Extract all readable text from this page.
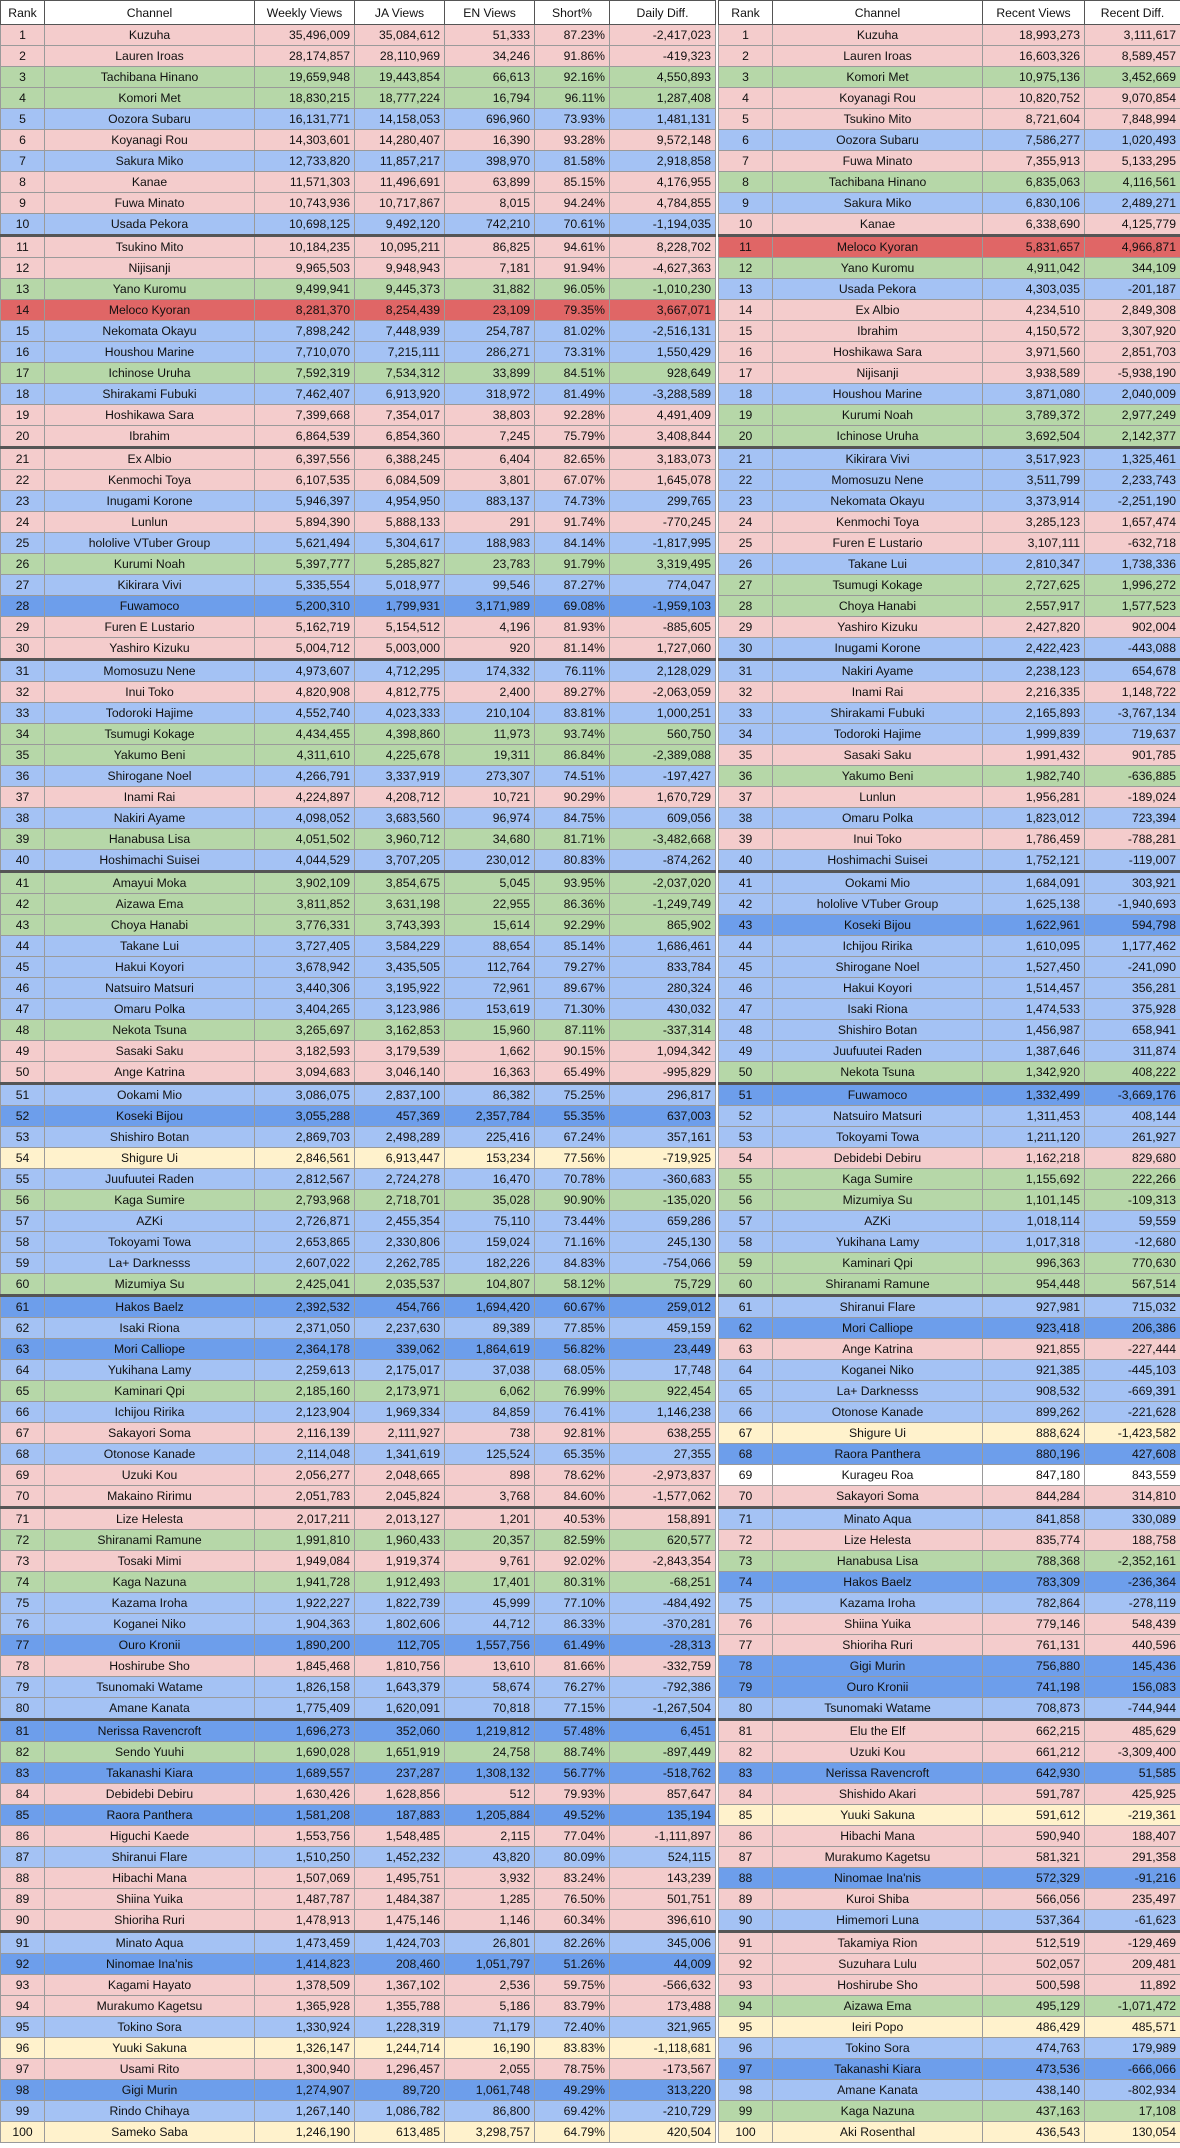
Rank	Channel	Weekly Views	JA Views	EN Views	Short%	Daily Diff.
1	Kuzuha	35,496,009	35,084,612	51,333	87.23%	-2,417,023
2	Lauren Iroas	28,174,857	28,110,969	34,246	91.86%	-419,323
3	Tachibana Hinano	19,659,948	19,443,854	66,613	92.16%	4,550,893
4	Komori Met	18,830,215	18,777,224	16,794	96.11%	1,287,408
5	Oozora Subaru	16,131,771	14,158,053	696,960	73.93%	1,481,131
6	Koyanagi Rou	14,303,601	14,280,407	16,390	93.28%	9,572,148
7	Sakura Miko	12,733,820	11,857,217	398,970	81.58%	2,918,858
8	Kanae	11,571,303	11,496,691	63,899	85.15%	4,176,955
9	Fuwa Minato	10,743,936	10,717,867	8,015	94.24%	4,784,855
10	Usada Pekora	10,698,125	9,492,120	742,210	70.61%	-1,194,035
11	Tsukino Mito	10,184,235	10,095,211	86,825	94.61%	8,228,702
12	Nijisanji	9,965,503	9,948,943	7,181	91.94%	-4,627,363
13	Yano Kuromu	9,499,941	9,445,373	31,882	96.05%	-1,010,230
14	Meloco Kyoran	8,281,370	8,254,439	23,109	79.35%	3,667,071
15	Nekomata Okayu	7,898,242	7,448,939	254,787	81.02%	-2,516,131
16	Houshou Marine	7,710,070	7,215,111	286,271	73.31%	1,550,429
17	Ichinose Uruha	7,592,319	7,534,312	33,899	84.51%	928,649
18	Shirakami Fubuki	7,462,407	6,913,920	318,972	81.49%	-3,288,589
19	Hoshikawa Sara	7,399,668	7,354,017	38,803	92.28%	4,491,409
20	Ibrahim	6,864,539	6,854,360	7,245	75.79%	3,408,844
21	Ex Albio	6,397,556	6,388,245	6,404	82.65%	3,183,073
22	Kenmochi Toya	6,107,535	6,084,509	3,801	67.07%	1,645,078
23	Inugami Korone	5,946,397	4,954,950	883,137	74.73%	299,765
24	Lunlun	5,894,390	5,888,133	291	91.74%	-770,245
25	hololive VTuber Group	5,621,494	5,304,617	188,983	84.14%	-1,817,995
26	Kurumi Noah	5,397,777	5,285,827	23,783	91.79%	3,319,495
27	Kikirara Vivi	5,335,554	5,018,977	99,546	87.27%	774,047
28	Fuwamoco	5,200,310	1,799,931	3,171,989	69.08%	-1,959,103
29	Furen E Lustario	5,162,719	5,154,512	4,196	81.93%	-885,605
30	Yashiro Kizuku	5,004,712	5,003,000	920	81.14%	1,727,060
31	Momosuzu Nene	4,973,607	4,712,295	174,332	76.11%	2,128,029
32	Inui Toko	4,820,908	4,812,775	2,400	89.27%	-2,063,059
33	Todoroki Hajime	4,552,740	4,023,333	210,104	83.81%	1,000,251
34	Tsumugi Kokage	4,434,455	4,398,860	11,973	93.74%	560,750
35	Yakumo Beni	4,311,610	4,225,678	19,311	86.84%	-2,389,088
36	Shirogane Noel	4,266,791	3,337,919	273,307	74.51%	-197,427
37	Inami Rai	4,224,897	4,208,712	10,721	90.29%	1,670,729
38	Nakiri Ayame	4,098,052	3,683,560	96,974	84.75%	609,056
39	Hanabusa Lisa	4,051,502	3,960,712	34,680	81.71%	-3,482,668
40	Hoshimachi Suisei	4,044,529	3,707,205	230,012	80.83%	-874,262
41	Amayui Moka	3,902,109	3,854,675	5,045	93.95%	-2,037,020
42	Aizawa Ema	3,811,852	3,631,198	22,955	86.36%	-1,249,749
43	Choya Hanabi	3,776,331	3,743,393	15,614	92.29%	865,902
44	Takane Lui	3,727,405	3,584,229	88,654	85.14%	1,686,461
45	Hakui Koyori	3,678,942	3,435,505	112,764	79.27%	833,784
46	Natsuiro Matsuri	3,440,306	3,195,922	72,961	89.67%	280,324
47	Omaru Polka	3,404,265	3,123,986	153,619	71.30%	430,032
48	Nekota Tsuna	3,265,697	3,162,853	15,960	87.11%	-337,314
49	Sasaki Saku	3,182,593	3,179,539	1,662	90.15%	1,094,342
50	Ange Katrina	3,094,683	3,046,140	16,363	65.49%	-995,829
51	Ookami Mio	3,086,075	2,837,100	86,382	75.25%	296,817
52	Koseki Bijou	3,055,288	457,369	2,357,784	55.35%	637,003
53	Shishiro Botan	2,869,703	2,498,289	225,416	67.24%	357,161
54	Shigure Ui	2,846,561	6,913,447	153,234	77.56%	-719,925
55	Juufuutei Raden	2,812,567	2,724,278	16,470	70.78%	-360,683
56	Kaga Sumire	2,793,968	2,718,701	35,028	90.90%	-135,020
57	AZKi	2,726,871	2,455,354	75,110	73.44%	659,286
58	Tokoyami Towa	2,653,865	2,330,806	159,024	71.16%	245,130
59	La+ Darknesss	2,607,022	2,262,785	182,226	84.83%	-754,066
60	Mizumiya Su	2,425,041	2,035,537	104,807	58.12%	75,729
61	Hakos Baelz	2,392,532	454,766	1,694,420	60.67%	259,012
62	Isaki Riona	2,371,050	2,237,630	89,389	77.85%	459,159
63	Mori Calliope	2,364,178	339,062	1,864,619	56.82%	23,449
64	Yukihana Lamy	2,259,613	2,175,017	37,038	68.05%	17,748
65	Kaminari Qpi	2,185,160	2,173,971	6,062	76.99%	922,454
66	Ichijou Ririka	2,123,904	1,969,334	84,859	76.41%	1,146,238
67	Sakayori Soma	2,116,139	2,111,927	738	92.81%	638,255
68	Otonose Kanade	2,114,048	1,341,619	125,524	65.35%	27,355
69	Uzuki Kou	2,056,277	2,048,665	898	78.62%	-2,973,837
70	Makaino Ririmu	2,051,783	2,045,824	3,768	84.60%	-1,577,062
71	Lize Helesta	2,017,211	2,013,127	1,201	40.53%	158,891
72	Shiranami Ramune	1,991,810	1,960,433	20,357	82.59%	620,577
73	Tosaki Mimi	1,949,084	1,919,374	9,761	92.02%	-2,843,354
74	Kaga Nazuna	1,941,728	1,912,493	17,401	80.31%	-68,251
75	Kazama Iroha	1,922,227	1,822,739	45,999	77.10%	-484,492
76	Koganei Niko	1,904,363	1,802,606	44,712	86.33%	-370,281
77	Ouro Kronii	1,890,200	112,705	1,557,756	61.49%	-28,313
78	Hoshirube Sho	1,845,468	1,810,756	13,610	81.66%	-332,759
79	Tsunomaki Watame	1,826,158	1,643,379	58,674	76.27%	-792,386
80	Amane Kanata	1,775,409	1,620,091	70,818	77.15%	-1,267,504
81	Nerissa Ravencroft	1,696,273	352,060	1,219,812	57.48%	6,451
82	Sendo Yuuhi	1,690,028	1,651,919	24,758	88.74%	-897,449
83	Takanashi Kiara	1,689,557	237,287	1,308,132	56.77%	-518,762
84	Debidebi Debiru	1,630,426	1,628,856	512	79.93%	857,647
85	Raora Panthera	1,581,208	187,883	1,205,884	49.52%	135,194
86	Higuchi Kaede	1,553,756	1,548,485	2,115	77.04%	-1,111,897
87	Shiranui Flare	1,510,250	1,452,232	43,820	80.09%	524,115
88	Hibachi Mana	1,507,069	1,495,751	3,932	83.24%	143,239
89	Shiina Yuika	1,487,787	1,484,387	1,285	76.50%	501,751
90	Shioriha Ruri	1,478,913	1,475,146	1,146	60.34%	396,610
91	Minato Aqua	1,473,459	1,424,703	26,801	82.26%	345,006
92	Ninomae Ina'nis	1,414,823	208,460	1,051,797	51.26%	44,009
93	Kagami Hayato	1,378,509	1,367,102	2,536	59.75%	-566,632
94	Murakumo Kagetsu	1,365,928	1,355,788	5,186	83.79%	173,488
95	Tokino Sora	1,330,924	1,228,319	71,179	72.40%	321,965
96	Yuuki Sakuna	1,326,147	1,244,714	16,190	83.83%	-1,118,681
97	Usami Rito	1,300,940	1,296,457	2,055	78.75%	-173,567
98	Gigi Murin	1,274,907	89,720	1,061,748	49.29%	313,220
99	Rindo Chihaya	1,267,140	1,086,782	86,800	69.42%	-210,729
100	Sameko Saba	1,246,190	613,485	3,298,757	64.79%	420,504
Rank	Channel	Recent Views	Recent Diff.
1	Kuzuha	18,993,273	3,111,617
2	Lauren Iroas	16,603,326	8,589,457
3	Komori Met	10,975,136	3,452,669
4	Koyanagi Rou	10,820,752	9,070,854
5	Tsukino Mito	8,721,604	7,848,994
6	Oozora Subaru	7,586,277	1,020,493
7	Fuwa Minato	7,355,913	5,133,295
8	Tachibana Hinano	6,835,063	4,116,561
9	Sakura Miko	6,830,106	2,489,271
10	Kanae	6,338,690	4,125,779
11	Meloco Kyoran	5,831,657	4,966,871
12	Yano Kuromu	4,911,042	344,109
13	Usada Pekora	4,303,035	-201,187
14	Ex Albio	4,234,510	2,849,308
15	Ibrahim	4,150,572	3,307,920
16	Hoshikawa Sara	3,971,560	2,851,703
17	Nijisanji	3,938,589	-5,938,190
18	Houshou Marine	3,871,080	2,040,009
19	Kurumi Noah	3,789,372	2,977,249
20	Ichinose Uruha	3,692,504	2,142,377
21	Kikirara Vivi	3,517,923	1,325,461
22	Momosuzu Nene	3,511,799	2,233,743
23	Nekomata Okayu	3,373,914	-2,251,190
24	Kenmochi Toya	3,285,123	1,657,474
25	Furen E Lustario	3,107,111	-632,718
26	Takane Lui	2,810,347	1,738,336
27	Tsumugi Kokage	2,727,625	1,996,272
28	Choya Hanabi	2,557,917	1,577,523
29	Yashiro Kizuku	2,427,820	902,004
30	Inugami Korone	2,422,423	-443,088
31	Nakiri Ayame	2,238,123	654,678
32	Inami Rai	2,216,335	1,148,722
33	Shirakami Fubuki	2,165,893	-3,767,134
34	Todoroki Hajime	1,999,839	719,637
35	Sasaki Saku	1,991,432	901,785
36	Yakumo Beni	1,982,740	-636,885
37	Lunlun	1,956,281	-189,024
38	Omaru Polka	1,823,012	723,394
39	Inui Toko	1,786,459	-788,281
40	Hoshimachi Suisei	1,752,121	-119,007
41	Ookami Mio	1,684,091	303,921
42	hololive VTuber Group	1,625,138	-1,940,693
43	Koseki Bijou	1,622,961	594,798
44	Ichijou Ririka	1,610,095	1,177,462
45	Shirogane Noel	1,527,450	-241,090
46	Hakui Koyori	1,514,457	356,281
47	Isaki Riona	1,474,533	375,928
48	Shishiro Botan	1,456,987	658,941
49	Juufuutei Raden	1,387,646	311,874
50	Nekota Tsuna	1,342,920	408,222
51	Fuwamoco	1,332,499	-3,669,176
52	Natsuiro Matsuri	1,311,453	408,144
53	Tokoyami Towa	1,211,120	261,927
54	Debidebi Debiru	1,162,218	829,680
55	Kaga Sumire	1,155,692	222,266
56	Mizumiya Su	1,101,145	-109,313
57	AZKi	1,018,114	59,559
58	Yukihana Lamy	1,017,318	-12,680
59	Kaminari Qpi	996,363	770,630
60	Shiranami Ramune	954,448	567,514
61	Shiranui Flare	927,981	715,032
62	Mori Calliope	923,418	206,386
63	Ange Katrina	921,855	-227,444
64	Koganei Niko	921,385	-445,103
65	La+ Darknesss	908,532	-669,391
66	Otonose Kanade	899,262	-221,628
67	Shigure Ui	888,624	-1,423,582
68	Raora Panthera	880,196	427,608
69	Kurageu Roa	847,180	843,559
70	Sakayori Soma	844,284	314,810
71	Minato Aqua	841,858	330,089
72	Lize Helesta	835,774	188,758
73	Hanabusa Lisa	788,368	-2,352,161
74	Hakos Baelz	783,309	-236,364
75	Kazama Iroha	782,864	-278,119
76	Shiina Yuika	779,146	548,439
77	Shioriha Ruri	761,131	440,596
78	Gigi Murin	756,880	145,436
79	Ouro Kronii	741,198	156,083
80	Tsunomaki Watame	708,873	-744,944
81	Elu the Elf	662,215	485,629
82	Uzuki Kou	661,212	-3,309,400
83	Nerissa Ravencroft	642,930	51,585
84	Shishido Akari	591,787	425,925
85	Yuuki Sakuna	591,612	-219,361
86	Hibachi Mana	590,940	188,407
87	Murakumo Kagetsu	581,321	291,358
88	Ninomae Ina'nis	572,329	-91,216
89	Kuroi Shiba	566,056	235,497
90	Himemori Luna	537,364	-61,623
91	Takamiya Rion	512,519	-129,469
92	Suzuhara Lulu	502,057	209,481
93	Hoshirube Sho	500,598	11,892
94	Aizawa Ema	495,129	-1,071,472
95	Ieiri Popo	486,429	485,571
96	Tokino Sora	474,763	179,989
97	Takanashi Kiara	473,536	-666,066
98	Amane Kanata	438,140	-802,934
99	Kaga Nazuna	437,163	17,108
100	Aki Rosenthal	436,543	130,054
